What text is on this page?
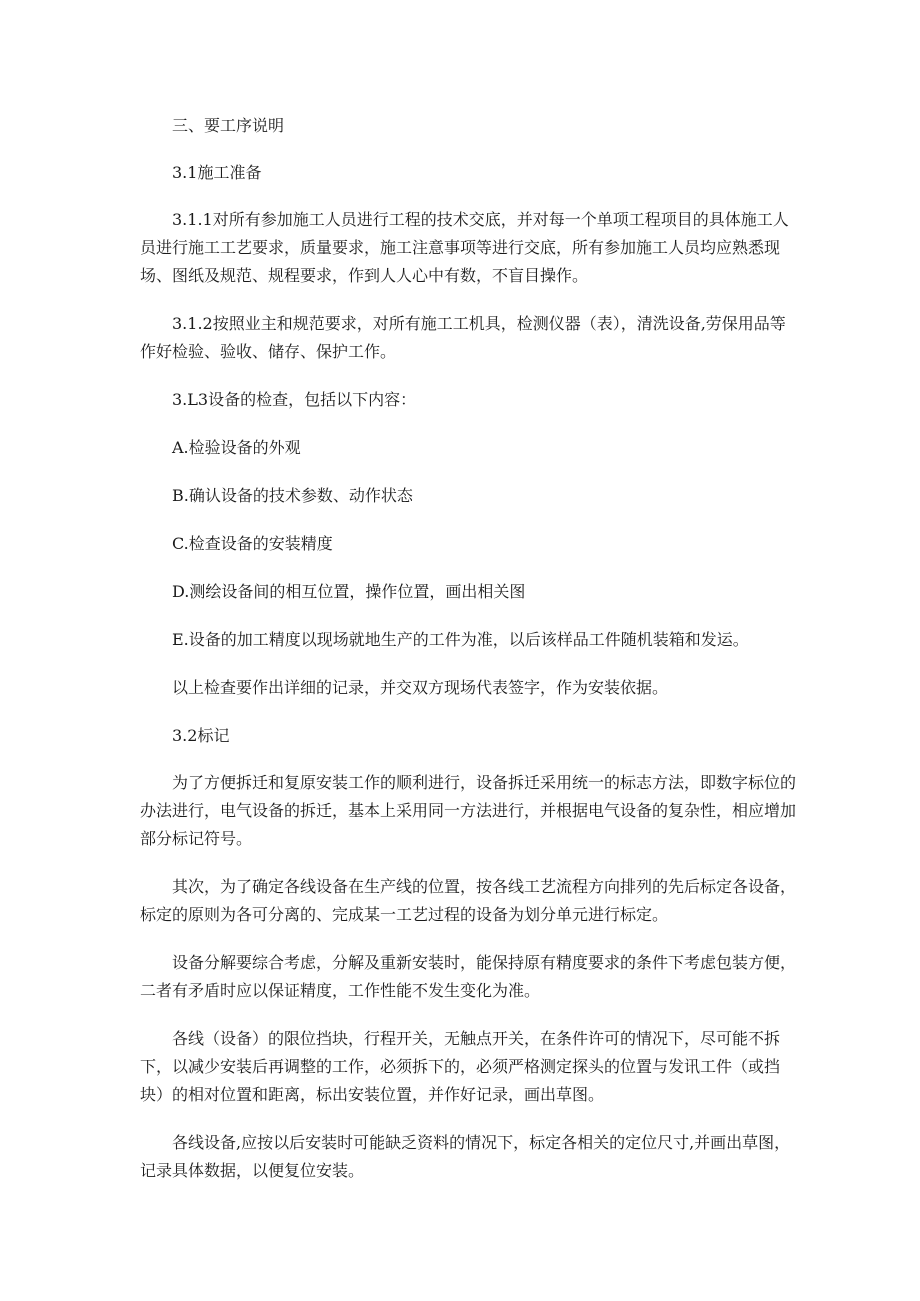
三、要工序说明

3.1施工准备

3.1.1对所有参加施工人员进行工程的技术交底，并对每一个单项工程项目的具体施工人员进行施工工艺要求，质量要求，施工注意事项等进行交底，所有参加施工人员均应熟悉现场、图纸及规范、规程要求，作到人人心中有数，不盲目操作。

3.1.2按照业主和规范要求，对所有施工工机具，检测仪器（表），清洗设备,劳保用品等作好检验、验收、储存、保护工作。

3.L3设备的检查，包括以下内容：

A.检验设备的外观

B.确认设备的技术参数、动作状态

C.检查设备的安装精度

D.测绘设备间的相互位置，操作位置，画出相关图

E.设备的加工精度以现场就地生产的工件为准，以后该样品工件随机装箱和发运。

以上检查要作出详细的记录，并交双方现场代表签字，作为安装依据。

3.2标记

为了方便拆迁和复原安装工作的顺利进行，设备拆迁采用统一的标志方法，即数字标位的办法进行，电气设备的拆迁，基本上采用同一方法进行，并根据电气设备的复杂性，相应增加部分标记符号。

其次，为了确定各线设备在生产线的位置，按各线工艺流程方向排列的先后标定各设备，标定的原则为各可分离的、完成某一工艺过程的设备为划分单元进行标定。

设备分解要综合考虑，分解及重新安装时，能保持原有精度要求的条件下考虑包装方便，二者有矛盾时应以保证精度，工作性能不发生变化为准。

各线（设备）的限位挡块，行程开关，无触点开关，在条件许可的情况下，尽可能不拆下，以减少安装后再调整的工作，必须拆下的，必须严格测定探头的位置与发讯工件（或挡块）的相对位置和距离，标出安装位置，并作好记录，画出草图。

各线设备,应按以后安装时可能缺乏资料的情况下，标定各相关的定位尺寸,并画出草图，记录具体数据，以便复位安装。
